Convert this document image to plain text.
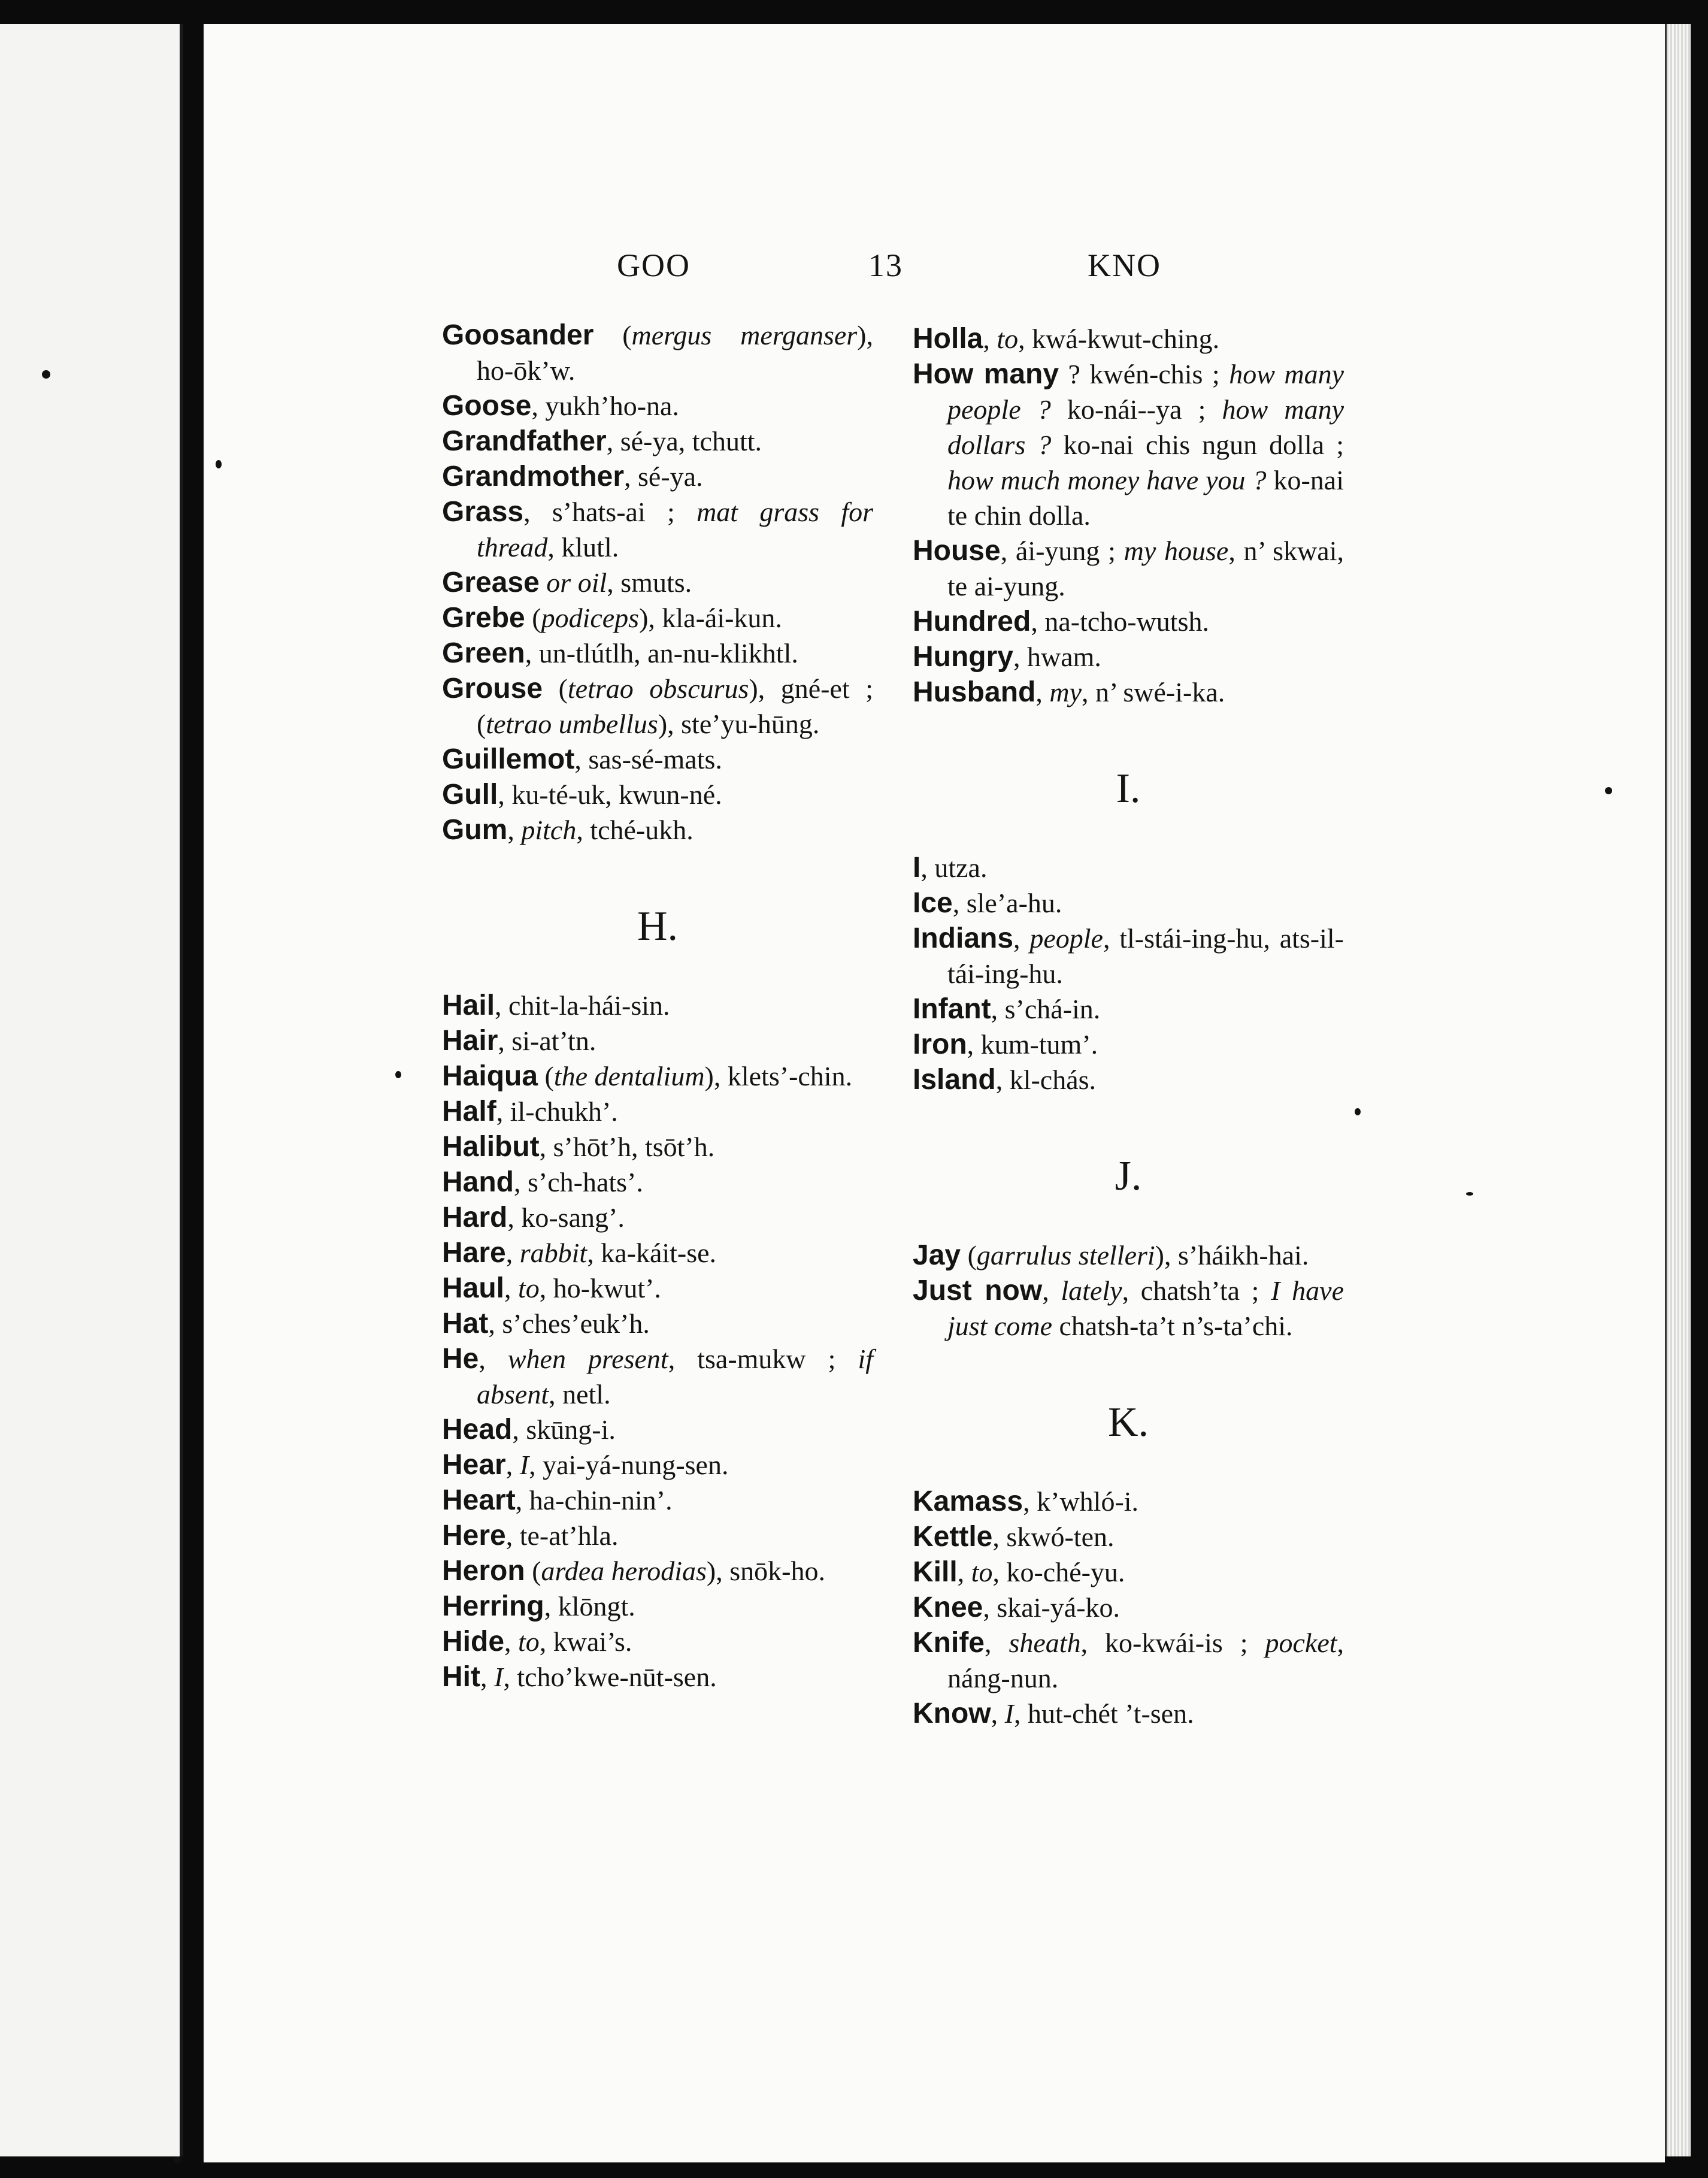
GOO	13	KNO
Goosander (mergus merganser), ho-ōk’w.
Goose, yukh’ho-na.
Grandfather, sé-ya, tchutt.
Grandmother, sé-ya.
Grass, s’hats-ai ; mat grass for thread, klutl.
Grease or oil, smuts.
Grebe (podiceps), kla-ái-kun.
Green, un-tlútlh, an-nu-klikhtl.
Grouse (tetrao obscurus), gné-et ; (tetrao umbellus), ste’yu-hūng.
Guillemot, sas-sé-mats.
Gull, ku-té-uk, kwun-né.
Gum, pitch, tché-ukh.
H.
Hail, chit-la-hái-sin.
Hair, si-at’tn.
Haiqua (the dentalium), klets’-chin.
Half, il-chukh’.
Halibut, s’hōt’h, tsōt’h.
Hand, s’ch-hats’.
Hard, ko-sang’.
Hare, rabbit, ka-káit-se.
Haul, to, ho-kwut’.
Hat, s’ches’euk’h.
He, when present, tsa-mukw ; if absent, netl.
Head, skūng-i.
Hear, I, yai-yá-nung-sen.
Heart, ha-chin-nin’.
Here, te-at’hla.
Heron (ardea herodias), snōk-ho.
Herring, klōngt.
Hide, to, kwai’s.
Hit, I, tcho’kwe-nūt-sen.
Holla, to, kwá-kwut-ching.
How many ? kwén-chis ; how many people ? ko-nái--ya ; how many dollars ? ko-nai chis ngun dolla ; how much money have you ? ko-nai te chin dolla.
House, ái-yung ; my house, n’ skwai, te ai-yung.
Hundred, na-tcho-wutsh.
Hungry, hwam.
Husband, my, n’ swé-i-ka.
I.
I, utza.
Ice, sle’a-hu.
Indians, people, tl-stái-ing-hu, ats-il-tái-ing-hu.
Infant, s’chá-in.
Iron, kum-tum’.
Island, kl-chás.
J.
Jay (garrulus stelleri), s’háikh-hai.
Just now, lately, chatsh’ta ; I have just come chatsh-ta’t n’s-ta’chi.
K.
Kamass, k’whló-i.
Kettle, skwó-ten.
Kill, to, ko-ché-yu.
Knee, skai-yá-ko.
Knife, sheath, ko-kwái-is ; pocket, náng-nun.
Know, I, hut-chét ’t-sen.
